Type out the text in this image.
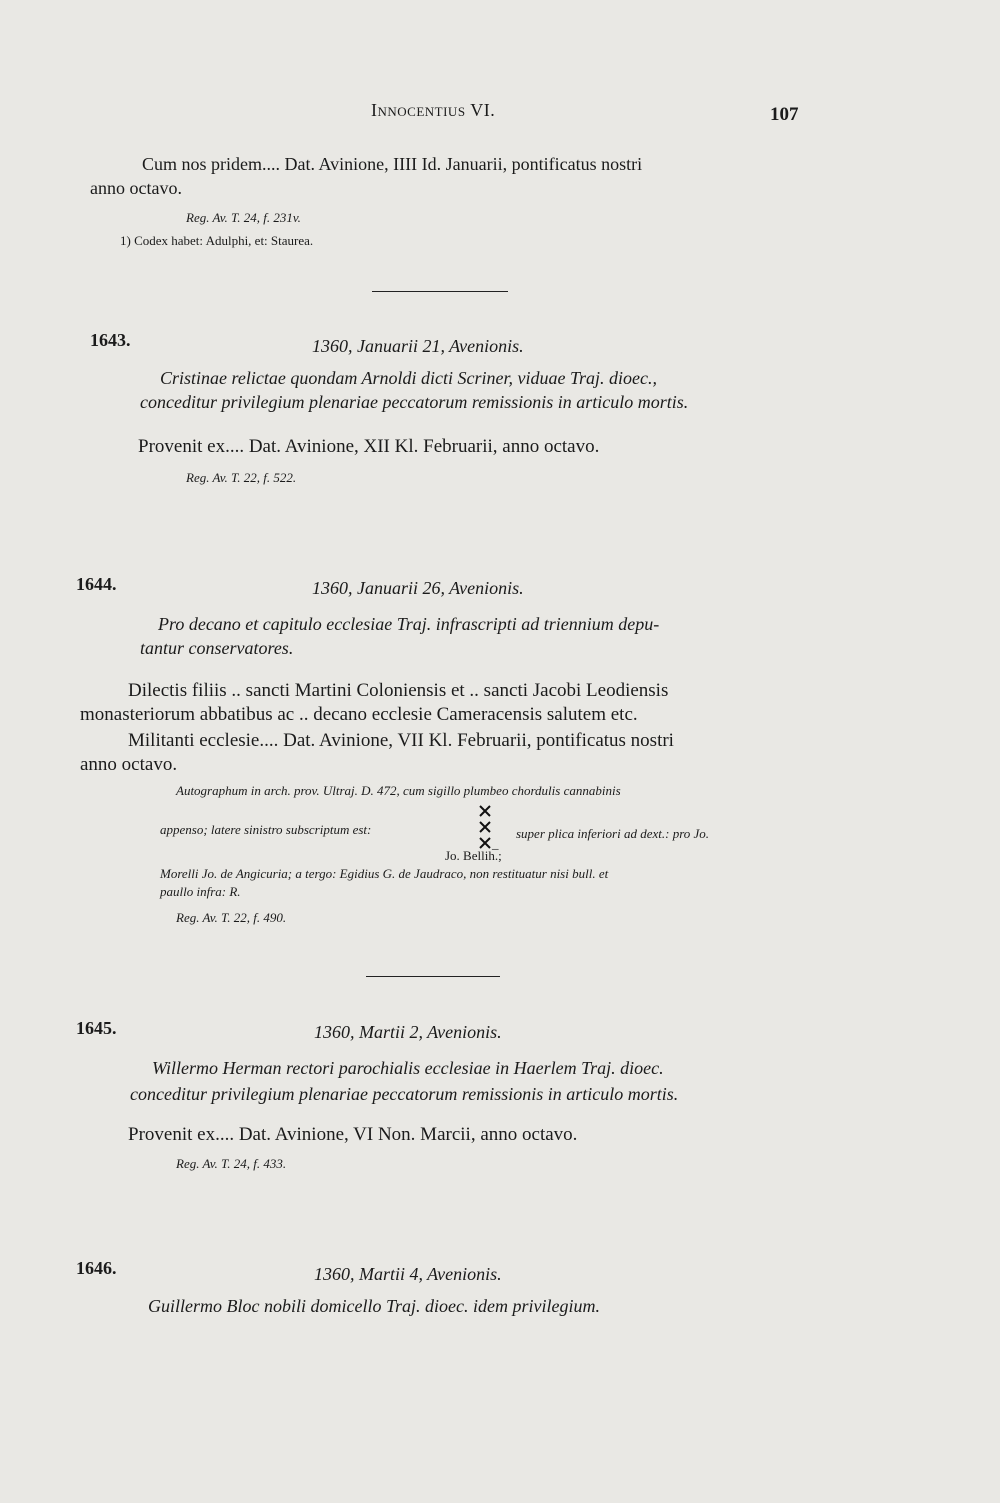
Innocentius VI.	107
Cum nos pridem.... Dat. Avinione, IIII Id. Januarii, pontificatus nostri
anno octavo.
Reg. Av. T. 24, f. 231v.
1) Codex habet: Adulphi, et: Staurea.
1643.	1360, Januarii 21, Avenionis.
Cristinae relictae quondam Arnoldi dicti Scriner, viduae Traj. dioec.,
conceditur privilegium plenariae peccatorum remissionis in articulo mortis.
Provenit ex.... Dat. Avinione, XII Kl. Februarii, anno octavo.
Reg. Av. T. 22, f. 522.
1644.	1360, Januarii 26, Avenionis.
Pro decano et capitulo ecclesiae Traj. infrascripti ad triennium depu-
tantur conservatores.
Dilectis filiis .. sancti Martini Coloniensis et .. sancti Jacobi Leodiensis
monasteriorum abbatibus ac .. decano ecclesie Cameracensis salutem etc.
Militanti ecclesie.... Dat. Avinione, VII Kl. Februarii, pontificatus nostri
anno octavo.
Autographum in arch. prov. Ultraj. D. 472, cum sigillo plumbeo chordulis cannabinis
appenso; latere sinistro subscriptum est:
_
super plica inferiori ad dext.: pro Jo.
Jo. Bellih.;
Morelli Jo. de Angicuria; a tergo: Egidius G. de Jaudraco, non restituatur nisi bull. et
paullo infra: R.
Reg. Av. T. 22, f. 490.
1645.	1360, Martii 2, Avenionis.
Willermo Herman rectori parochialis ecclesiae in Haerlem Traj. dioec.
conceditur privilegium plenariae peccatorum remissionis in articulo mortis.
Provenit ex.... Dat. Avinione, VI Non. Marcii, anno octavo.
Reg. Av. T. 24, f. 433.
1646.	1360, Martii 4, Avenionis.
Guillermo Bloc nobili domicello Traj. dioec. idem privilegium.
